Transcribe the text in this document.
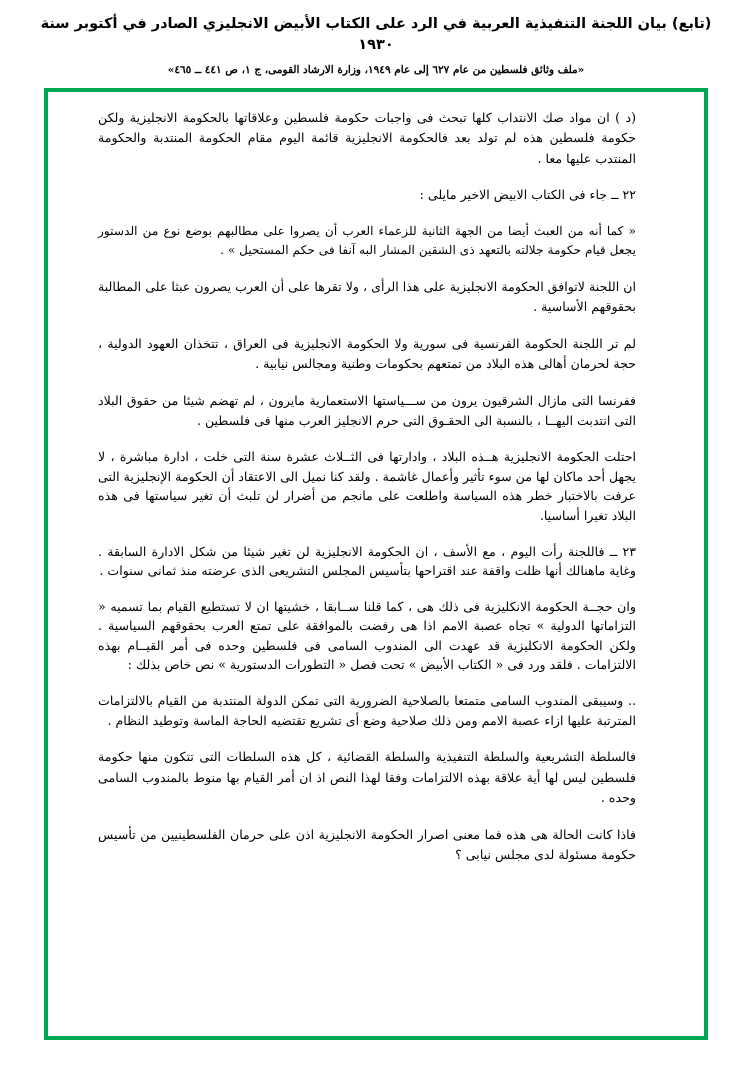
(تابع) بيان اللجنة التنفيذية العربية في الرد على الكتاب الأبيض الانجليزي الصادر في أكتوبر سنة ١٩٣٠
«ملف وثائق فلسطين من عام ٦٢٧ إلى عام ١٩٤٩، وزارة الارشاد القومى، ج ١، ص ٤٤١ ــ ٤٦٥»

(د ) ان مواد صك الانتداب كلها تبحث فى واجبات حكومة فلسطين وعلاقاتها بالحكومة الانجليزية ولكن حكومة فلسطين هذه لم تولد بعد فالحكومة الانجليزية قائمة اليوم مقام الحكومة المنتدبة والحكومة المنتدب عليها معا .

٢٢ ــ جاء فى الكتاب الابيض الاخير مايلى :

« كما أنه من العبث أيضا من الجهة الثانية للزعماء العرب أن يصروا على مطالبهم بوضع نوع من الدستور يجعل قيام حكومة جلالته بالتعهد ذى الشقين المشار البه آنفا فى حكم المستحيل » .

ان اللجنة لاتوافق الحكومة الانجليزية على هذا الرأى ، ولا تقرها على أن العرب يصرون عبثا على المطالبة بحقوقهم الأساسية .

لم تر اللجنة الحكومة الفرنسية فى سورية ولا الحكومة الانجليزية فى العراق ، تتخذان العهود الدولية ، حجة لحرمان أهالى هذه البلاد من تمتعهم بحكومات وطنية ومجالس نيابية .

ففرنسا التى مازال الشرقيون يرون من ســـياستها الاستعمارية مايرون ، لم تهضم شيئا من حقوق البلاد التى انتدبت اليهــا ، بالنسبة الى الحقـوق التى حرم الانجليز العرب منها فى فلسطين .

احتلت الحكومة الانجليزية هــذه البلاد ، وادارتها فى الثــلاث عشرة سنة التى خلت ، ادارة مباشرة ، لا يجهل أحد ماكان لها من سوء تأثير وأعمال غاشمة . ولقد كنا نميل الى الاعتقاد أن الحكومة الإنجليزية التى عرفت بالاختبار خطر هذه السياسة واطلعت على مانجم من أضرار لن تلبث أن تغير سياستها فى هذه البلاد تغيرا أساسيا.

٢٣ ــ فاللجنة رأت اليوم ، مع الأسف ، ان الحكومة الانجليزية لن تغير شيئا من شكل الادارة السابقة . وغاية ماهنالك أنها ظلت واقفة عند اقتراحها بتأسيس المجلس التشريعى الذى عرضته منذ ثمانى سنوات .

وان حجــة الحكومة الانكليزية فى ذلك هى ، كما قلنا ســابقا ، خشيتها ان لا تستطيع القيام بما تسميه « التزاماتها الدولية » تجاه عصبة الامم اذا هى رفضت بالموافقة على تمتع العرب بحقوقهم السياسية . ولكن الحكومة الانكليزية قد عهدت الى المندوب السامى فى فلسطين وحده فى أمر القيــام بهذه الالتزامات . فلقد ورد فى « الكتاب الأبيض » تحت فصل « التطورات الدستورية » نص خاص بذلك :

.. وسيبقى المندوب السامى متمتعا بالصلاحية الضرورية التى تمكن الدولة المنتدبة من القيام بالالتزامات المترتبة عليها ازاء عصبة الامم ومن ذلك صلاحية وضع أى تشريع تقتضيه الحاجة الماسة وتوطيد النظام .

فالسلطة التشريعية والسلطة التنفيذية والسلطة القضائية ، كل هذه السلطات التى تتكون منها حكومة فلسطين ليس لها أية علاقة بهذه الالتزامات وفقا لهذا النص اذ ان أمر القيام بها منوط بالمندوب السامى وحده .

فاذا كانت الحالة هى هذه فما معنى اصرار الحكومة الانجليزية اذن على حرمان الفلسطينيين من تأسيس حكومة مسئولة لدى مجلس نيابى ؟
